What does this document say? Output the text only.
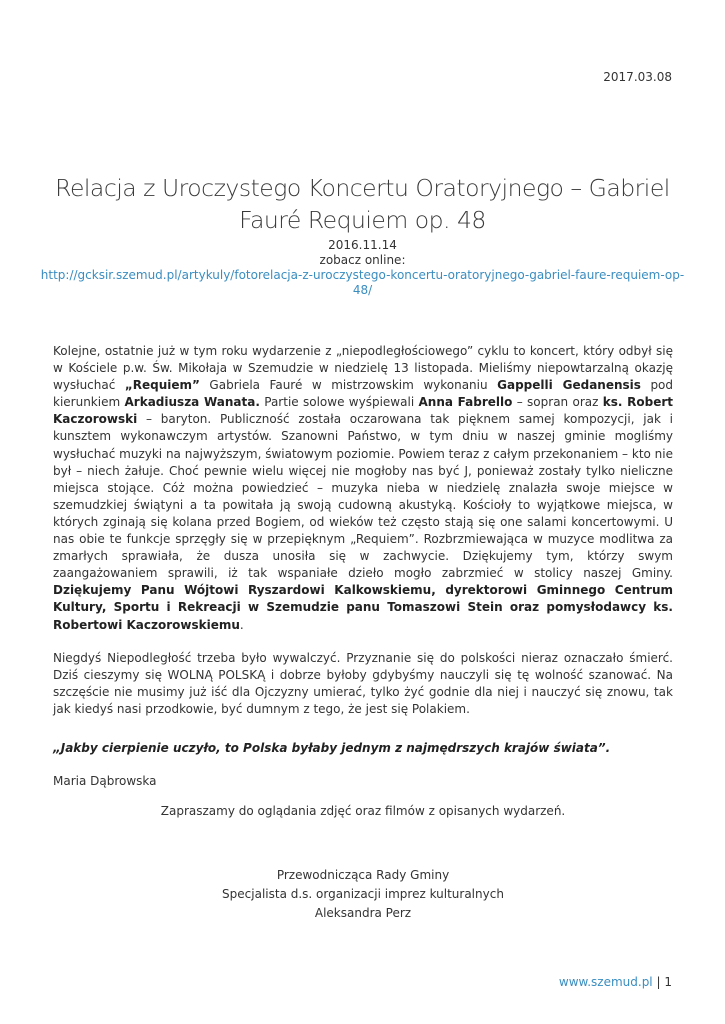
2017.03.08
Relacja z Uroczystego Koncertu Oratoryjnego – Gabriel Fauré Requiem op. 48
2016.11.14
zobacz online:
http://gcksir.szemud.pl/artykuly/fotorelacja-z-uroczystego-koncertu-oratoryjnego-gabriel-faure-requiem-op-48/

Kolejne, ostatnie już w tym roku wydarzenie z „niepodległościowego” cyklu to koncert, który odbył się w Kościele p.w. Św. Mikołaja w Szemudzie w niedzielę 13 listopada. Mieliśmy niepowtarzalną okazję wysłuchać „Requiem” Gabriela Fauré w mistrzowskim wykonaniu Gappelli Gedanensis pod kierunkiem Arkadiusza Wanata. Partie solowe wyśpiewali Anna Fabrello – sopran oraz ks. Robert Kaczorowski – baryton. Publiczność została oczarowana tak pięknem samej kompozycji, jak i kunsztem wykonawczym artystów. Szanowni Państwo, w tym dniu w naszej gminie mogliśmy wysłuchać muzyki na najwyższym, światowym poziomie. Powiem teraz z całym przekonaniem – kto nie był – niech żałuje. Choć pewnie wielu więcej nie mogłoby nas być J, ponieważ zostały tylko nieliczne miejsca stojące. Cóż można powiedzieć – muzyka nieba w niedzielę znalazła swoje miejsce w szemudzkiej świątyni a ta powitała ją swoją cudowną akustyką. Kościoły to wyjątkowe miejsca, w których zginają się kolana przed Bogiem, od wieków też często stają się one salami koncertowymi. U nas obie te funkcje sprzęgły się w przepięknym „Requiem”. Rozbrzmiewająca w muzyce modlitwa za zmarłych sprawiała, że dusza unosiła się w zachwycie. Dziękujemy tym, którzy swym zaangażowaniem sprawili, iż tak wspaniałe dzieło mogło zabrzmieć w stolicy naszej Gminy. Dziękujemy Panu Wójtowi Ryszardowi Kalkowskiemu, dyrektorowi Gminnego Centrum Kultury, Sportu i Rekreacji w Szemudzie panu Tomaszowi Stein oraz pomysłodawcy ks. Robertowi Kaczorowskiemu.

Niegdyś Niepodległość trzeba było wywalczyć. Przyznanie się do polskości nieraz oznaczało śmierć. Dziś cieszymy się WOLNĄ POLSKĄ i dobrze byłoby gdybyśmy nauczyli się tę wolność szanować. Na szczęście nie musimy już iść dla Ojczyzny umierać, tylko żyć godnie dla niej i nauczyć się znowu, tak jak kiedyś nasi przodkowie, być dumnym z tego, że jest się Polakiem.

„Jakby cierpienie uczyło, to Polska byłaby jednym z najmędrszych krajów świata”.
Maria Dąbrowska
Zapraszamy do oglądania zdjęć oraz filmów z opisanych wydarzeń.
Przewodnicząca Rady Gminy
Specjalista d.s. organizacji imprez kulturalnych
Aleksandra Perz
www.szemud.pl | 1
